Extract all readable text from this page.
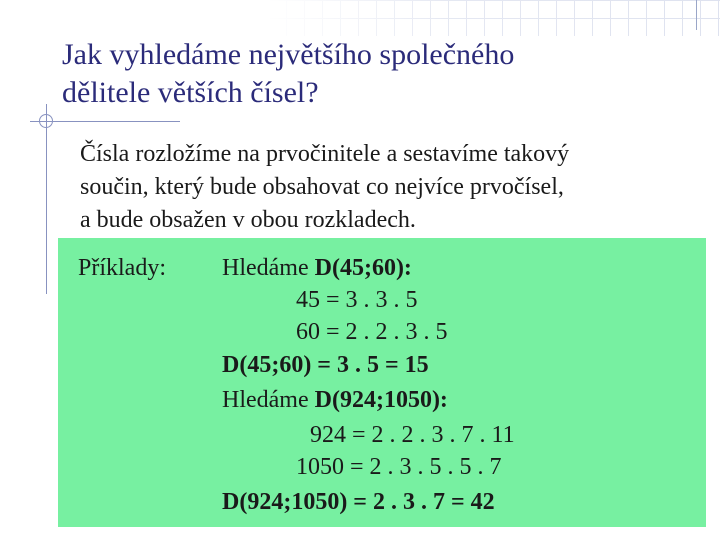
Jak vyhledáme největšího společného
dělitele větších čísel?
Čísla rozložíme na prvočinitele a sestavíme takový
součin, který bude obsahovat co nejvíce prvočísel,
a bude obsažen v obou rozkladech.
Příklady: Hledáme D(45;60):
45 = 3 . 3 . 5
60 = 2 . 2 . 3 . 5
D(45;60) = 3 . 5 = 15
Hledáme D(924;1050):
924 = 2 . 2 . 3 . 7 . 11
1050 = 2 . 3 . 5 . 5 . 7
D(924;1050) = 2 . 3 . 7 = 42
